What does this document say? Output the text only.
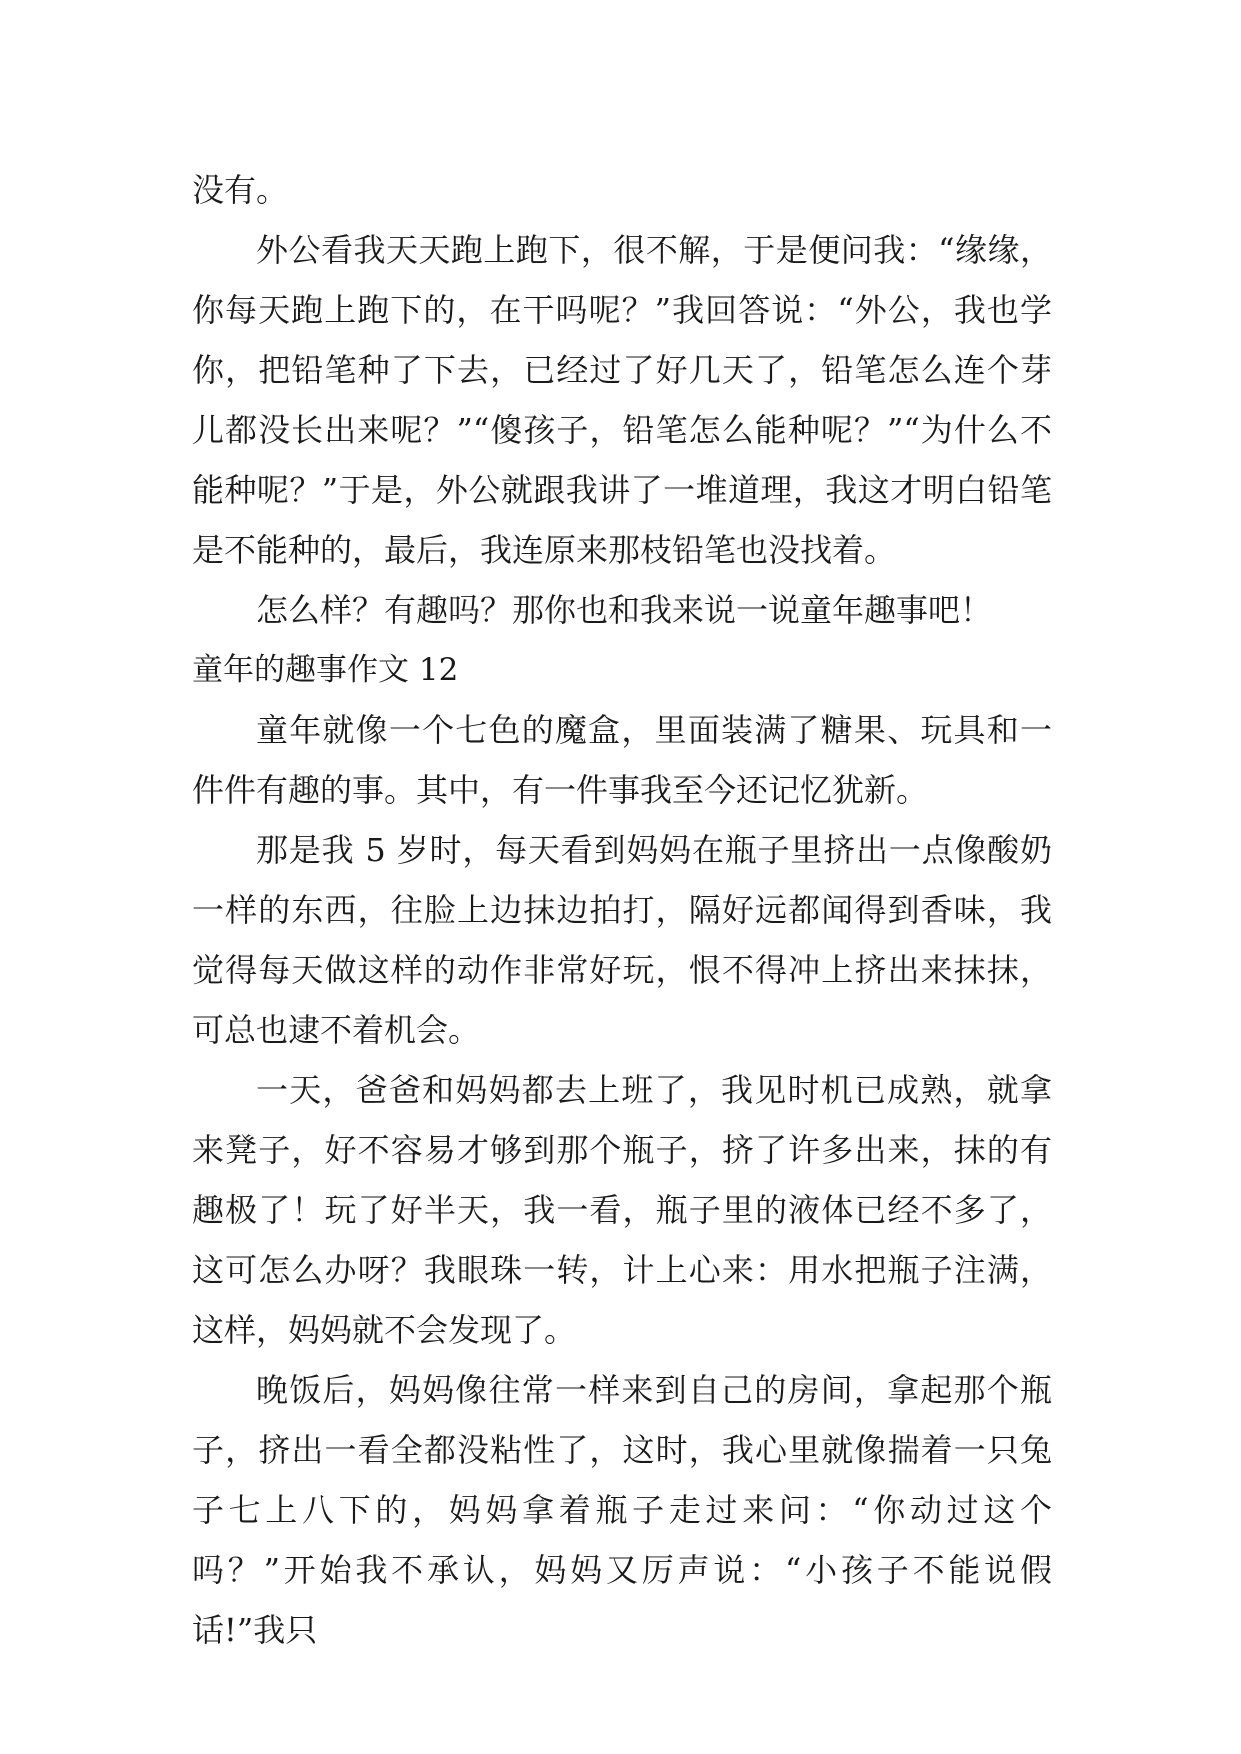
没有。

外公看我天天跑上跑下，很不解，于是便问我：“缘缘，你每天跑上跑下的，在干吗呢？”我回答说：“外公，我也学你，把铅笔种了下去，已经过了好几天了，铅笔怎么连个芽儿都没长出来呢？”“傻孩子，铅笔怎么能种呢？”“为什么不能种呢？”于是，外公就跟我讲了一堆道理，我这才明白铅笔是不能种的，最后，我连原来那枝铅笔也没找着。

怎么样？有趣吗？那你也和我来说一说童年趣事吧！

童年的趣事作文 12

童年就像一个七色的魔盒，里面装满了糖果、玩具和一件件有趣的事。其中，有一件事我至今还记忆犹新。

那是我 5 岁时，每天看到妈妈在瓶子里挤出一点像酸奶一样的东西，往脸上边抹边拍打，隔好远都闻得到香味，我觉得每天做这样的动作非常好玩，恨不得冲上挤出来抹抹，可总也逮不着机会。

一天，爸爸和妈妈都去上班了，我见时机已成熟，就拿来凳子，好不容易才够到那个瓶子，挤了许多出来，抹的有趣极了！玩了好半天，我一看，瓶子里的液体已经不多了，这可怎么办呀？我眼珠一转，计上心来：用水把瓶子注满，这样，妈妈就不会发现了。

晚饭后，妈妈像往常一样来到自己的房间，拿起那个瓶子，挤出一看全都没粘性了，这时，我心里就像揣着一只兔子七上八下的，妈妈拿着瓶子走过来问：“你动过这个吗？”开始我不承认，妈妈又厉声说：“小孩子不能说假话!”我只
